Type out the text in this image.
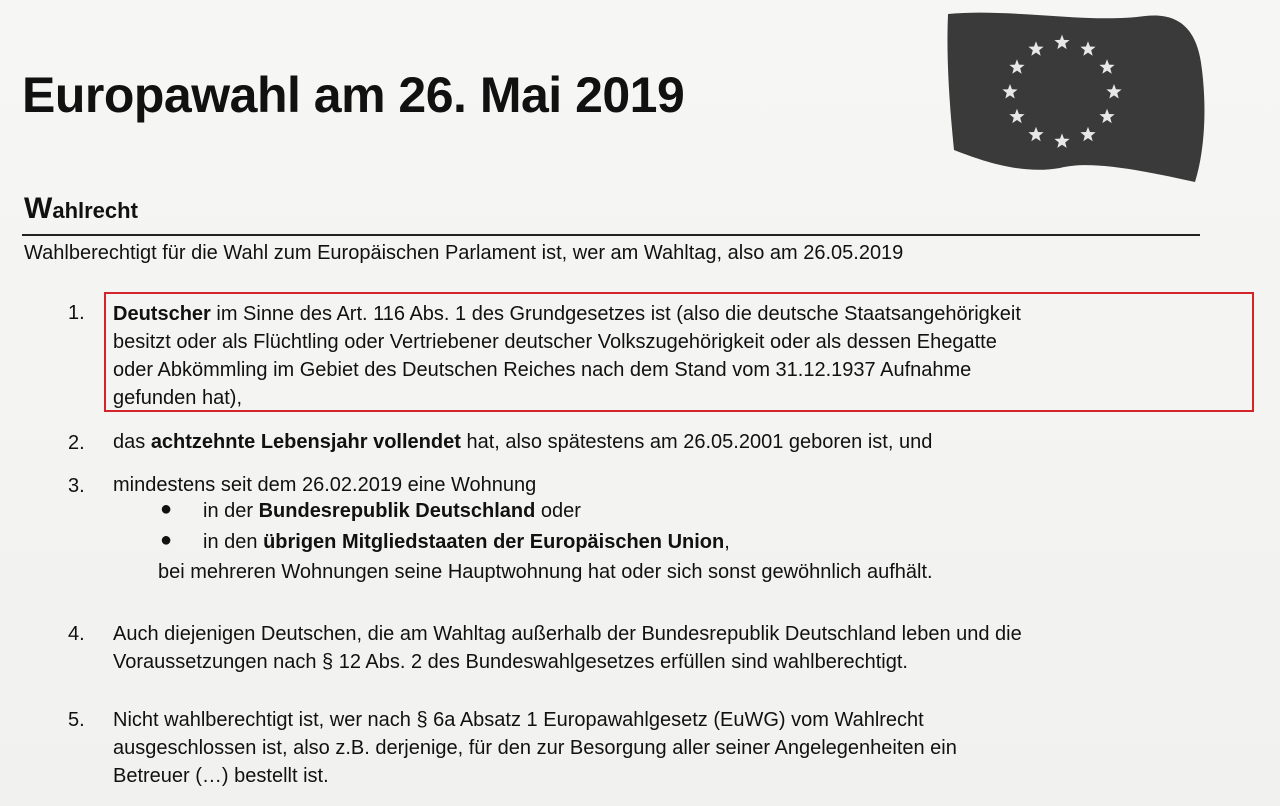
Europawahl am 26. Mai 2019
Wahlrecht

Wahlberechtigt für die Wahl zum Europäischen Parlament ist, wer am Wahltag, also am 26.05.2019

1. Deutscher im Sinne des Art. 116 Abs. 1 des Grundgesetzes ist (also die deutsche Staatsangehörigkeit
besitzt oder als Flüchtling oder Vertriebener deutscher Volkszugehörigkeit oder als dessen Ehegatte
oder Abkömmling im Gebiet des Deutschen Reiches nach dem Stand vom 31.12.1937 Aufnahme
gefunden hat),
2. das achtzehnte Lebensjahr vollendet hat, also spätestens am 26.05.2001 geboren ist, und
3. mindestens seit dem 26.02.2019 eine Wohnung
● in der Bundesrepublik Deutschland oder

● in den übrigen Mitgliedstaaten der Europäischen Union,

bei mehreren Wohnungen seine Hauptwohnung hat oder sich sonst gewöhnlich aufhält.

4. Auch diejenigen Deutschen, die am Wahltag außerhalb der Bundesrepublik Deutschland leben und die
Voraussetzungen nach § 12 Abs. 2 des Bundeswahlgesetzes erfüllen sind wahlberechtigt.
5. Nicht wahlberechtigt ist, wer nach § 6a Absatz 1 Europawahlgesetz (EuWG) vom Wahlrecht
ausgeschlossen ist, also z.B. derjenige, für den zur Besorgung aller seiner Angelegenheiten ein
Betreuer (…) bestellt ist.
